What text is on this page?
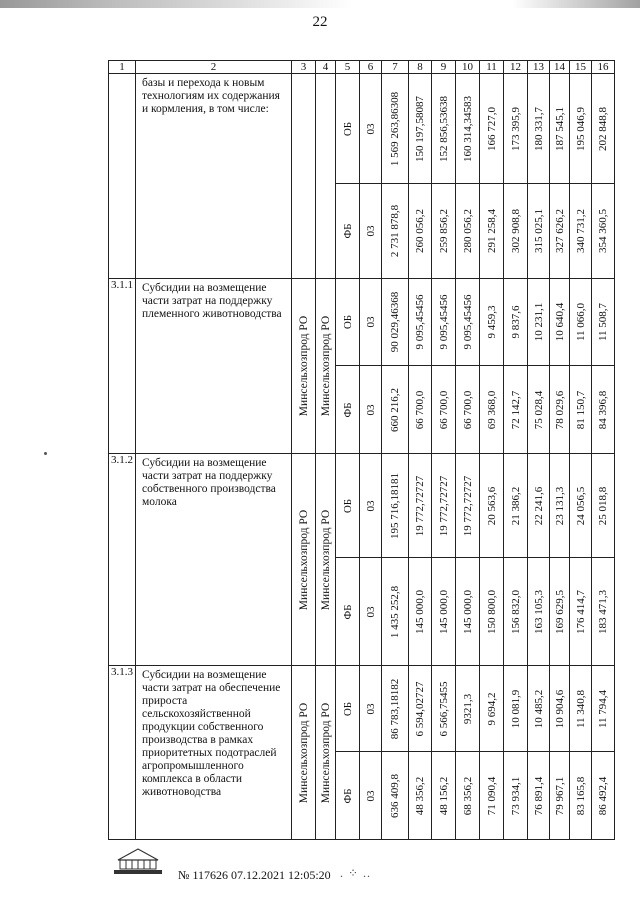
22
1	2	3	4	5	6	7	8	9	10	11	12	13	14	15	16
	базы и перехода к новым технологиям их содержания и кормления, в том числе:			ОБ	03	1 569 263,86308	150 197,58087	152 856,53638	160 314,34583	166 727,0	173 395,9	180 331,7	187 545,1	195 046,9	202 848,8

				ФБ	03	2 731 878,8	260 056,2	259 856,2	280 056,2	291 258,4	302 908,8	315 025,1	327 626,2	340 731,2	354 360,5

3.1.1	Субсидии на возмещение части затрат на поддержку племенного животноводства	Минсельхозпрод РО	Минсельхозпрод РО	ОБ	03	90 029,46368	9 095,45456	9 095,45456	9 095,45456	9 459,3	9 837,6	10 231,1	10 640,4	11 066,0	11 508,7

				ФБ	03	660 216,2	66 700,0	66 700,0	66 700,0	69 368,0	72 142,7	75 028,4	78 029,6	81 150,7	84 396,8

3.1.2	Субсидии на возмещение части затрат на поддержку собственного производства молока	Минсельхозпрод РО	Минсельхозпрод РО	ОБ	03	195 716,18181	19 772,72727	19 772,72727	19 772,72727	20 563,6	21 386,2	22 241,6	23 131,3	24 056,5	25 018,8

				ФБ	03	1 435 252,8	145 000,0	145 000,0	145 000,0	150 800,0	156 832,0	163 105,3	169 629,5	176 414,7	183 471,3

3.1.3	Субсидии на возмещение части затрат на обеспечение прироста сельскохозяйственной продукции собственного производства в рамках приоритетных подотраслей агропромышленного комплекса в области животноводства	Минсельхозпрод РО	Минсельхозпрод РО	ОБ	03	86 783,18182	6 594,02727	6 566,75455	9321,3	9 694,2	10 081,9	10 485,2	10 904,6	11 340,8	11 794,4

				ФБ	03	636 409,8	48 356,2	48 156,2	68 356,2	71 090,4	73 934,1	76 891,4	79 967,1	83 165,8	86 492,4
№ 117626 07.12.2021 12:05:20 . ⁘ ..
